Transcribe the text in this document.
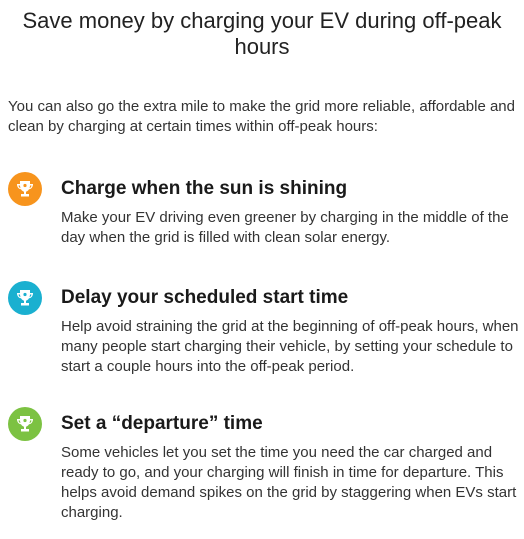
Save money by charging your EV during off-peak hours
You can also go the extra mile to make the grid more reliable, affordable and clean by charging at certain times within off-peak hours:
Charge when the sun is shining
Make your EV driving even greener by charging in the middle of the day when the grid is filled with clean solar energy.
Delay your scheduled start time
Help avoid straining the grid at the beginning of off-peak hours, when many people start charging their vehicle, by setting your schedule to start a couple hours into the off-peak period.
Set a “departure” time
Some vehicles let you set the time you need the car charged and ready to go, and your charging will finish in time for departure. This helps avoid demand spikes on the grid by staggering when EVs start charging.
